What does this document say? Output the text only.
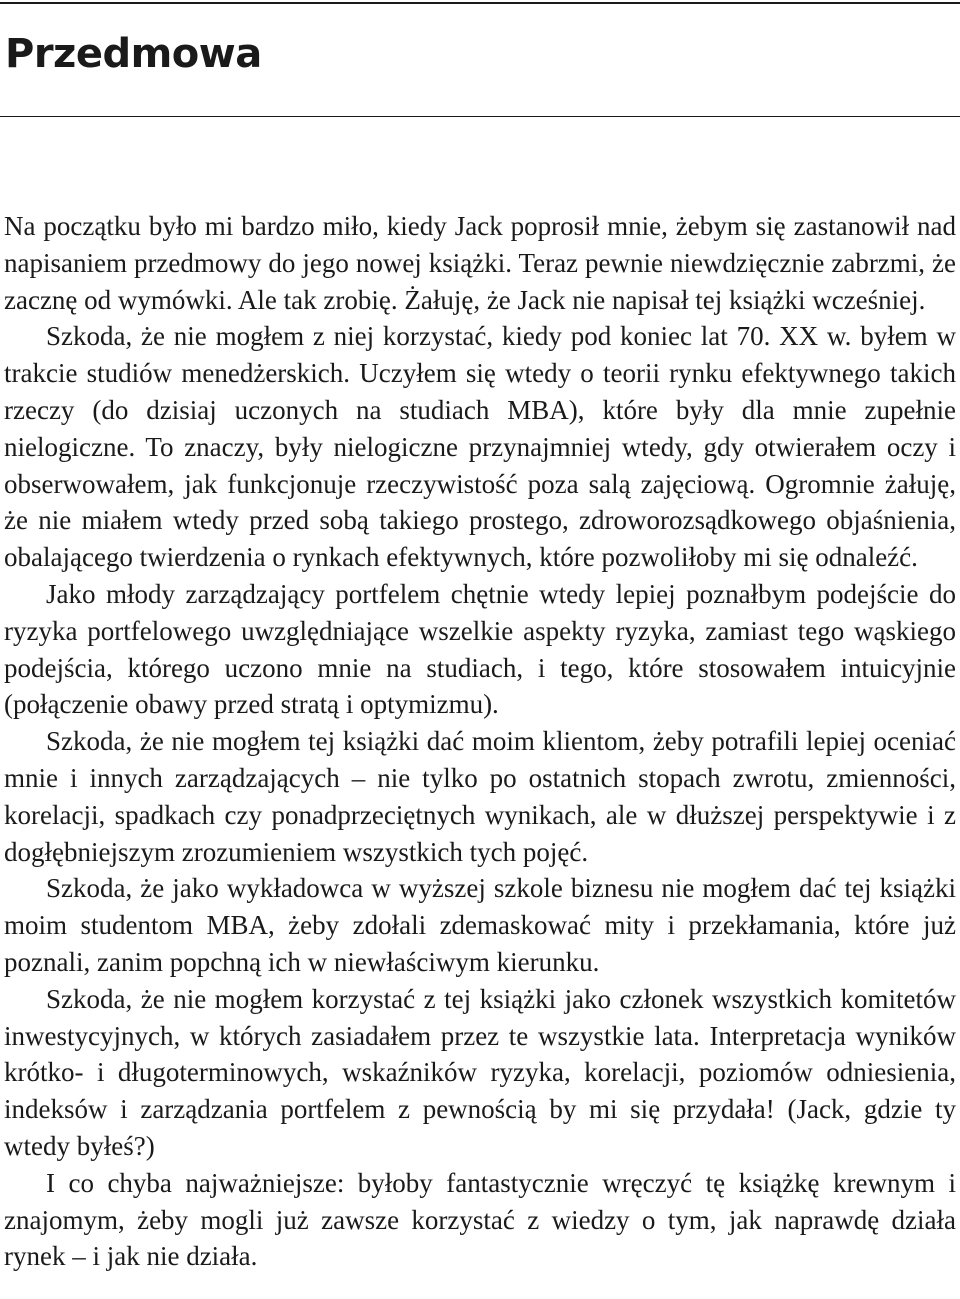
Przedmowa

Na początku było mi bardzo miło, kiedy Jack poprosił mnie, żebym się zastanowił nad napisaniem przedmowy do jego nowej książki. Teraz pewnie niewdzięcznie zabrzmi, że zacznę od wymówki. Ale tak zrobię. Żałuję, że Jack nie napisał tej książki wcześniej.

Szkoda, że nie mogłem z niej korzystać, kiedy pod koniec lat 70. XX w. byłem w trakcie studiów menedżerskich. Uczyłem się wtedy o teorii rynku efektywnego takich rzeczy (do dzisiaj uczonych na studiach MBA), które były dla mnie zupełnie nielogiczne. To znaczy, były nielogiczne przynajmniej wtedy, gdy otwierałem oczy i obserwowałem, jak funkcjonuje rzeczywistość poza salą zajęciową. Ogromnie żałuję, że nie miałem wtedy przed sobą takiego prostego, zdroworozsądkowego objaśnienia, obalającego twierdzenia o rynkach efektywnych, które pozwoliłoby mi się odnaleźć.

Jako młody zarządzający portfelem chętnie wtedy lepiej poznałbym podejście do ryzyka portfelowego uwzględniające wszelkie aspekty ryzyka, zamiast tego wąskiego podejścia, którego uczono mnie na studiach, i tego, które stosowałem intuicyjnie (połączenie obawy przed stratą i optymizmu).

Szkoda, że nie mogłem tej książki dać moim klientom, żeby potrafili lepiej oceniać mnie i innych zarządzających – nie tylko po ostatnich stopach zwrotu, zmienności, korelacji, spadkach czy ponadprzeciętnych wynikach, ale w dłuższej perspektywie i z dogłębniejszym zrozumieniem wszystkich tych pojęć.

Szkoda, że jako wykładowca w wyższej szkole biznesu nie mogłem dać tej książki moim studentom MBA, żeby zdołali zdemaskować mity i przekłamania, które już poznali, zanim popchną ich w niewłaściwym kierunku.

Szkoda, że nie mogłem korzystać z tej książki jako członek wszystkich komitetów inwestycyjnych, w których zasiadałem przez te wszystkie lata. Interpretacja wyników krótko- i długoterminowych, wskaźników ryzyka, korelacji, poziomów odniesienia, indeksów i zarządzania portfelem z pewnością by mi się przydała! (Jack, gdzie ty wtedy byłeś?)

I co chyba najważniejsze: byłoby fantastycznie wręczyć tę książkę krewnym i znajomym, żeby mogli już zawsze korzystać z wiedzy o tym, jak naprawdę działa rynek – i jak nie działa.
